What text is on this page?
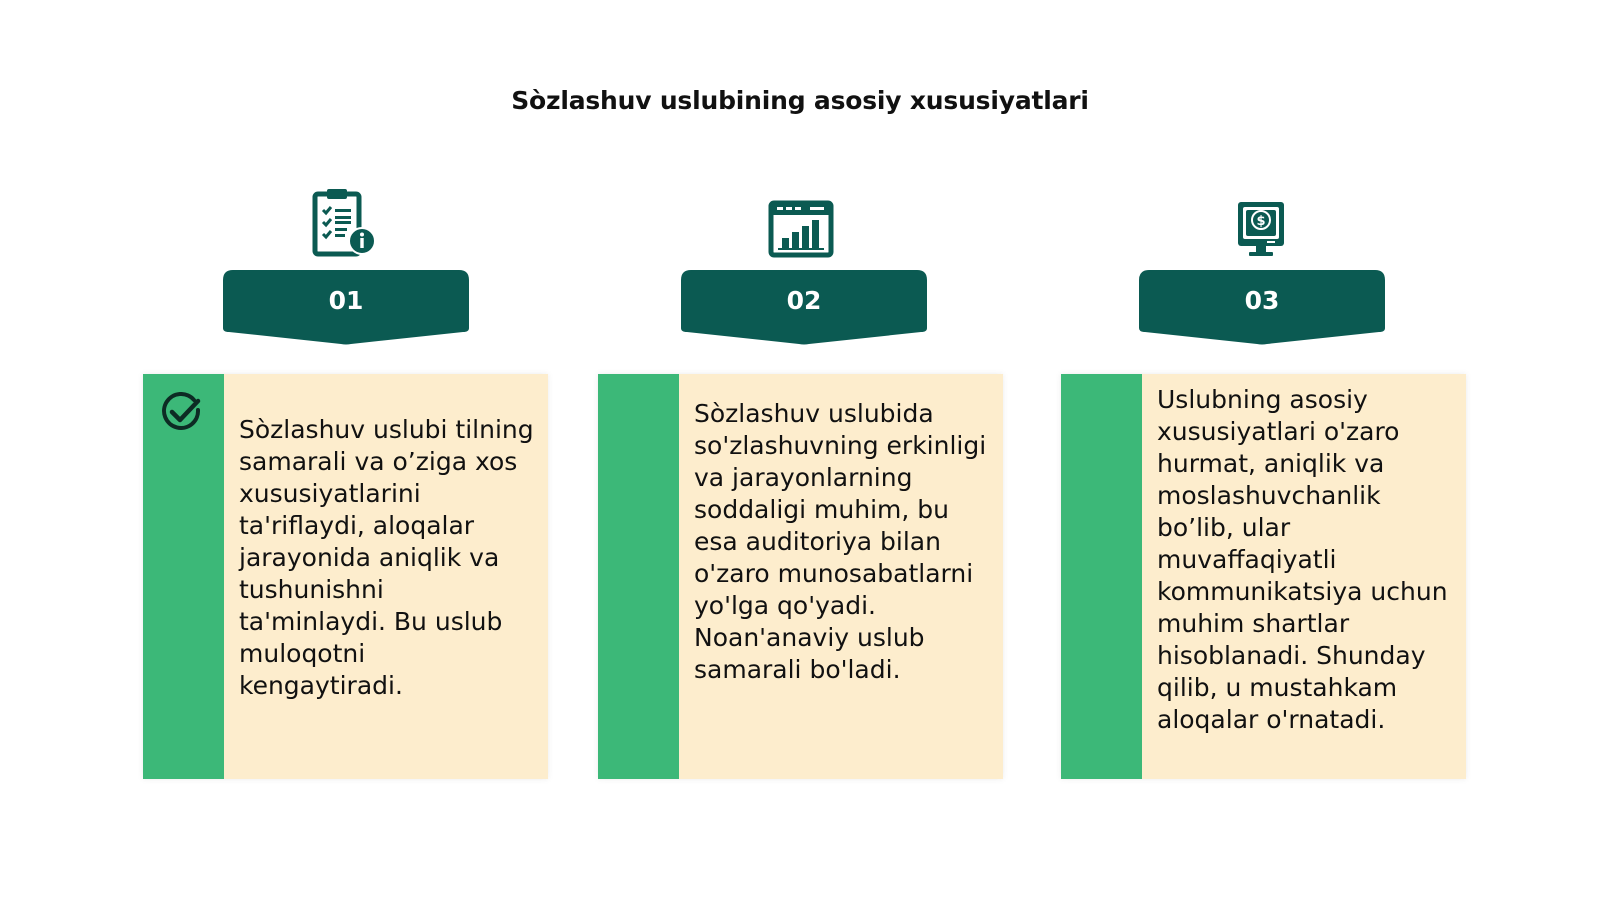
Sòzlashuv uslubining asosiy xususiyatlari
$
01	02	03
Sòzlashuv uslubi tilning samarali va o’ziga xos xususiyatlarini ta'riflaydi, aloqalar jarayonida aniqlik va tushunishni ta'minlaydi. Bu uslub muloqotni kengaytiradi.
Sòzlashuv uslubida so'zlashuvning erkinligi va jarayonlarning soddaligi muhim, bu esa auditoriya bilan o'zaro munosabatlarni yo'lga qo'yadi. Noan'anaviy uslub samarali bo'ladi.
Uslubning asosiy xususiyatlari o'zaro hurmat, aniqlik va moslashuvchanlik bo’lib, ular muvaffaqiyatli kommunikatsiya uchun muhim shartlar hisoblanadi. Shunday qilib, u mustahkam aloqalar o'rnatadi.
